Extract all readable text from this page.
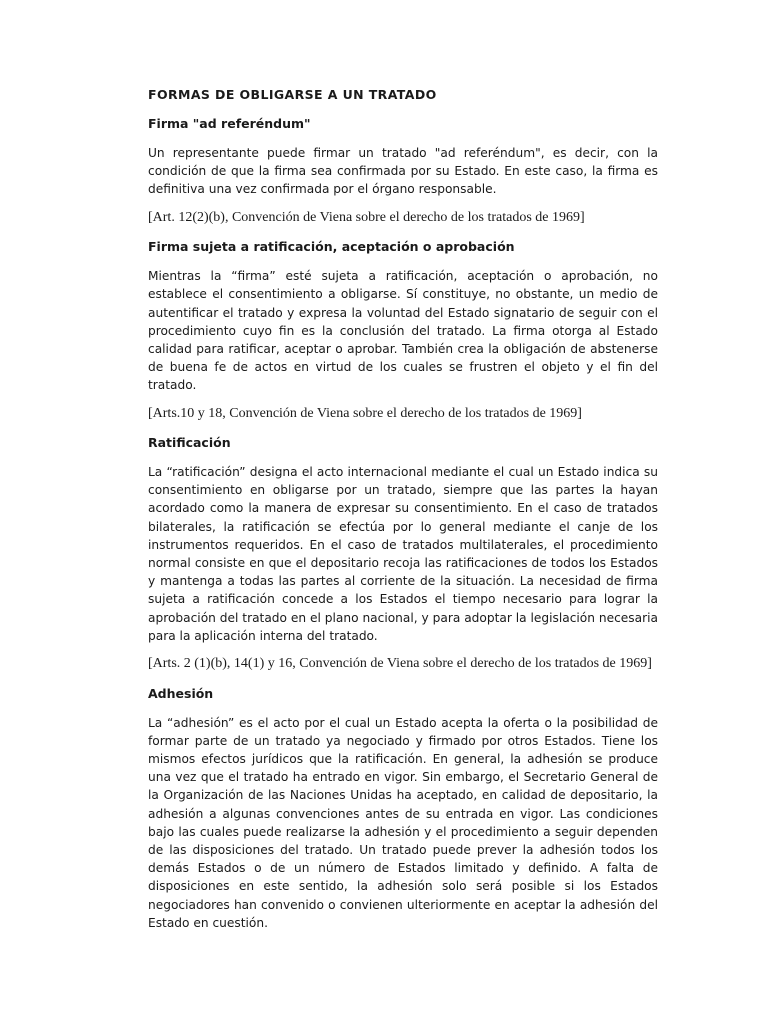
FORMAS DE OBLIGARSE A UN TRATADO
Firma "ad referéndum"

Un representante puede firmar un tratado "ad referéndum", es decir, con la condición de que la firma sea confirmada por su Estado. En este caso, la firma es definitiva una vez confirmada por el órgano responsable.

[Art. 12(2)(b), Convención de Viena sobre el derecho de los tratados de 1969]

Firma sujeta a ratificación, aceptación o aprobación

Mientras la “firma” esté sujeta a ratificación, aceptación o aprobación, no establece el consentimiento a obligarse. Sí constituye, no obstante, un medio de autentificar el tratado y expresa la voluntad del Estado signatario de seguir con el procedimiento cuyo fin es la conclusión del tratado. La firma otorga al Estado calidad para ratificar, aceptar o aprobar. También crea la obligación de abstenerse de buena fe de actos en virtud de los cuales se frustren el objeto y el fin del tratado.

[Arts.10 y 18, Convención de Viena sobre el derecho de los tratados de 1969]

Ratificación

La “ratificación” designa el acto internacional mediante el cual un Estado indica su consentimiento en obligarse por un tratado, siempre que las partes la hayan acordado como la manera de expresar su consentimiento. En el caso de tratados bilaterales, la ratificación se efectúa por lo general mediante el canje de los instrumentos requeridos. En el caso de tratados multilaterales, el procedimiento normal consiste en que el depositario recoja las ratificaciones de todos los Estados y mantenga a todas las partes al corriente de la situación. La necesidad de firma sujeta a ratificación concede a los Estados el tiempo necesario para lograr la aprobación del tratado en el plano nacional, y para adoptar la legislación necesaria para la aplicación interna del tratado.

[Arts. 2 (1)(b), 14(1) y 16, Convención de Viena sobre el derecho de los tratados de 1969]

Adhesión

La “adhesión” es el acto por el cual un Estado acepta la oferta o la posibilidad de formar parte de un tratado ya negociado y firmado por otros Estados. Tiene los mismos efectos jurídicos que la ratificación. En general, la adhesión se produce una vez que el tratado ha entrado en vigor. Sin embargo, el Secretario General de la Organización de las Naciones Unidas ha aceptado, en calidad de depositario, la adhesión a algunas convenciones antes de su entrada en vigor. Las condiciones bajo las cuales puede realizarse la adhesión y el procedimiento a seguir dependen de las disposiciones del tratado. Un tratado puede prever la adhesión todos los demás Estados o de un número de Estados limitado y definido. A falta de disposiciones en este sentido, la adhesión solo será posible si los Estados negociadores han convenido o convienen ulteriormente en aceptar la adhesión del Estado en cuestión.
